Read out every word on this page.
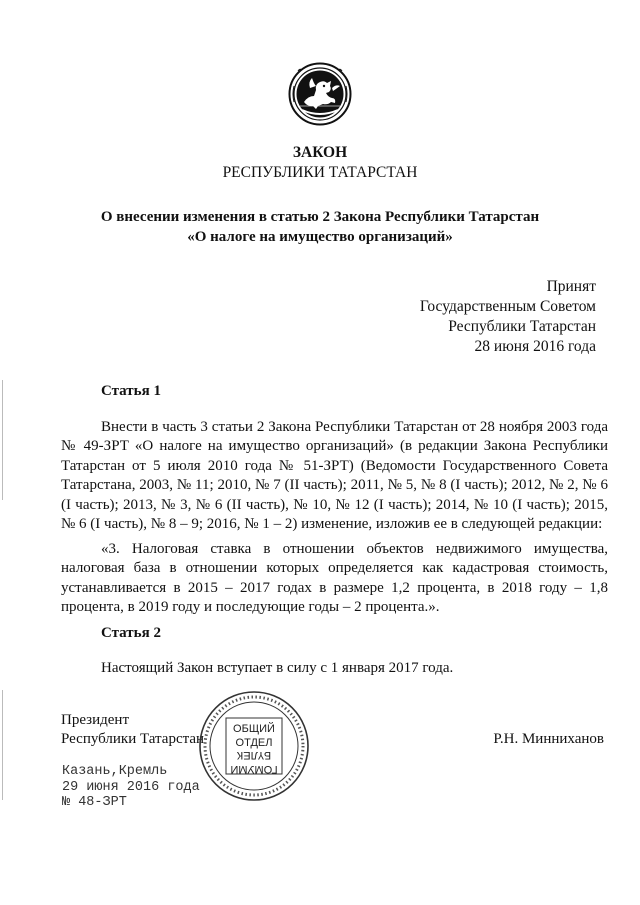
ЗАКОН
РЕСПУБЛИКИ ТАТАРСТАН
О внесении изменения в статью 2 Закона Республики Татарстан
«О налоге на имущество организаций»
Принят
Государственным Советом
Республики Татарстан
28 июня 2016 года
Статья 1
Внести в часть 3 статьи 2 Закона Республики Татарстан от 28 ноября 2003 года № 49-ЗРТ «О налоге на имущество организаций» (в редакции Закона Республики Татарстан от 5 июля 2010 года № 51-ЗРТ) (Ведомости Государственного Совета Татарстана, 2003, № 11; 2010, № 7 (II часть); 2011, № 5, № 8 (I часть); 2012, № 2, № 6 (I часть); 2013, № 3, № 6 (II часть), № 10, № 12 (I часть); 2014, № 10 (I часть); 2015, № 6 (I часть), № 8 – 9; 2016, № 1 – 2) изменение, изложив ее в следующей редакции:
«3. Налоговая ставка в отношении объектов недвижимого имущества, налоговая база в отношении которых определяется как кадастровая стоимость, устанавливается в 2015 – 2017 годах в размере 1,2 процента, в 2018 году – 1,8 процента, в 2019 году и последующие годы – 2 процента.».
Статья 2
Настоящий Закон вступает в силу с 1 января 2017 года.
Президент
Республики Татарстан	Р.Н. Минниханов
ОБЩИЙ
ОТДЕЛ
БҮЛЕК
ГОМУМИ
Казань,Кремль
29 июня 2016 года
№ 48-ЗРТ
